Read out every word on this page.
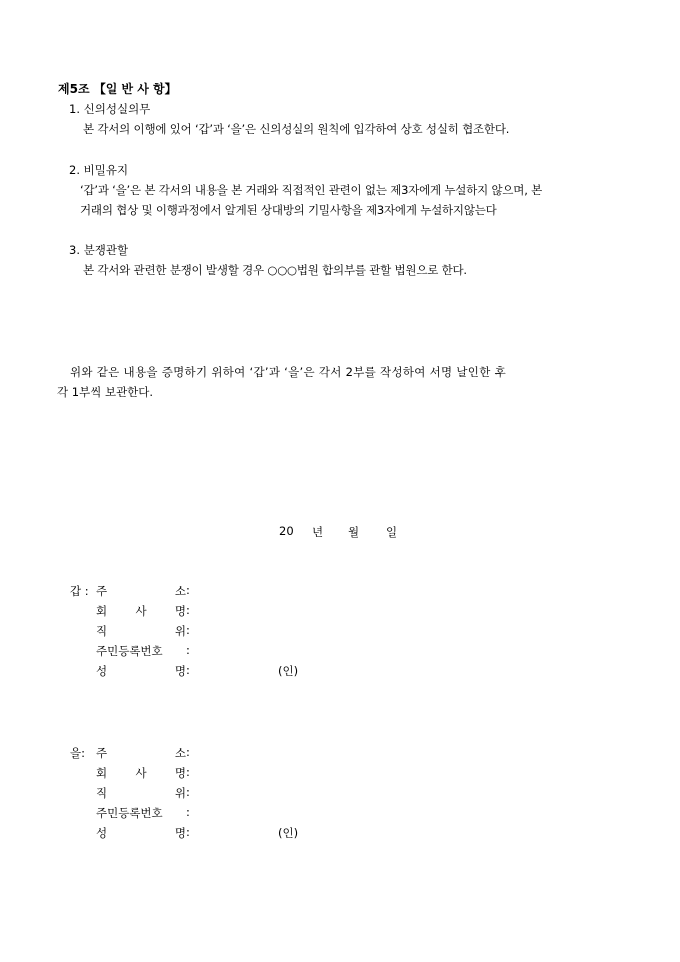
제5조 【일 반 사 항】
1. 신의성실의무
본 각서의 이행에 있어 ‘갑’과 ‘을’은 신의성실의 원칙에 입각하여 상호 성실히 협조한다.
2. 비밀유지
‘갑’과 ‘을’은 본 각서의 내용을 본 거래와 직접적인 관련이 없는 제3자에게 누설하지 않으며, 본
거래의 협상 및 이행과정에서 알게된 상대방의 기밀사항을 제3자에게 누설하지않는다
3. 분쟁관할
본 각서와 관련한 분쟁이 발생할 경우 ○○○법원 합의부를 관할 법원으로 한다.
위와 같은 내용을 증명하기 위하여 ‘갑’과 ‘을’은 각서 2부를 작성하여 서명 날인한 후
각 1부씩 보관한다.
20 년 월 일
갑 : 주	소 :
회 사 명 :
직	위 :
주민등록번호 :
성	명 :	(인)
을: 주	소 :
회 사 명 :
직	위 :
주민등록번호 :
성	명 :	(인)
